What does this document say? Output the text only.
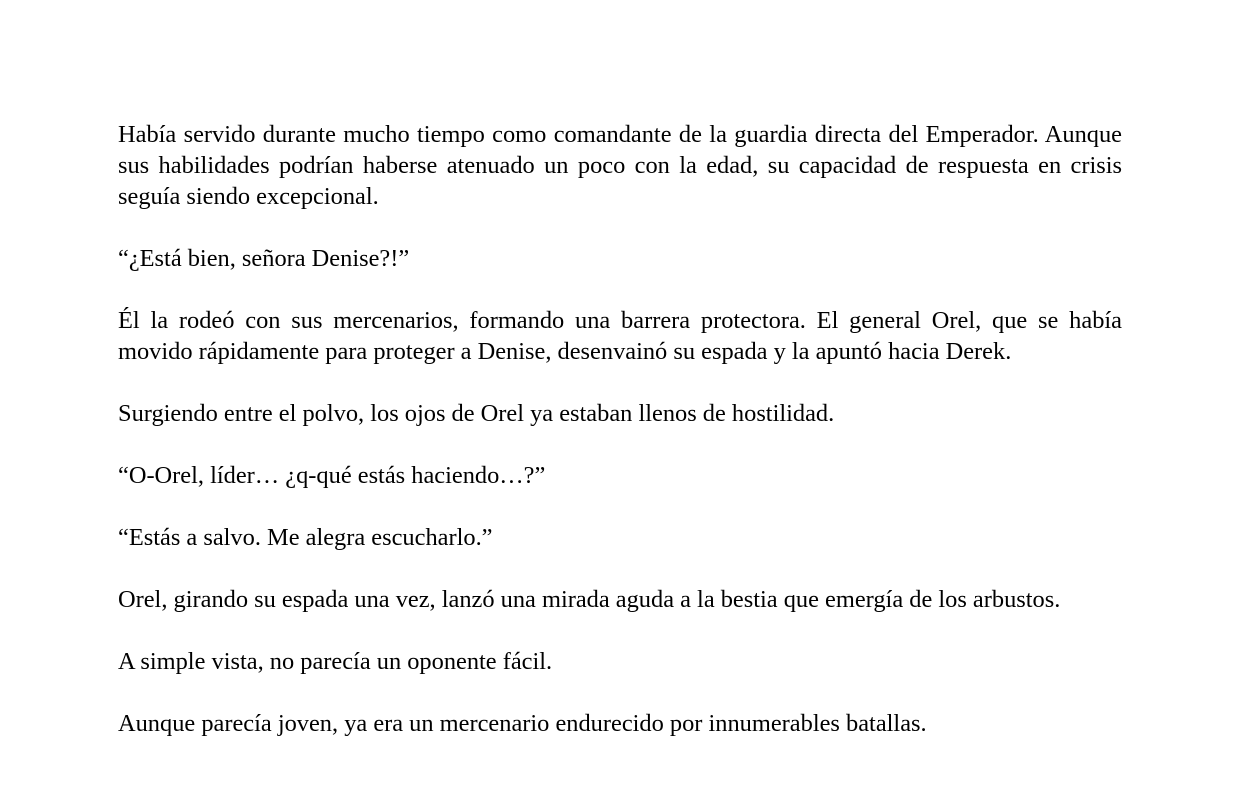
Había servido durante mucho tiempo como comandante de la guardia directa del Emperador. Aunque sus habilidades podrían haberse atenuado un poco con la edad, su capacidad de respuesta en crisis seguía siendo excepcional.

“¿Está bien, señora Denise?!”

Él la rodeó con sus mercenarios, formando una barrera protectora. El general Orel, que se había movido rápidamente para proteger a Denise, desenvainó su espada y la apuntó hacia Derek.

Surgiendo entre el polvo, los ojos de Orel ya estaban llenos de hostilidad.

“O-Orel, líder… ¿q-qué estás haciendo…?”

“Estás a salvo. Me alegra escucharlo.”

Orel, girando su espada una vez, lanzó una mirada aguda a la bestia que emergía de los arbustos.

A simple vista, no parecía un oponente fácil.

Aunque parecía joven, ya era un mercenario endurecido por innumerables batallas.
